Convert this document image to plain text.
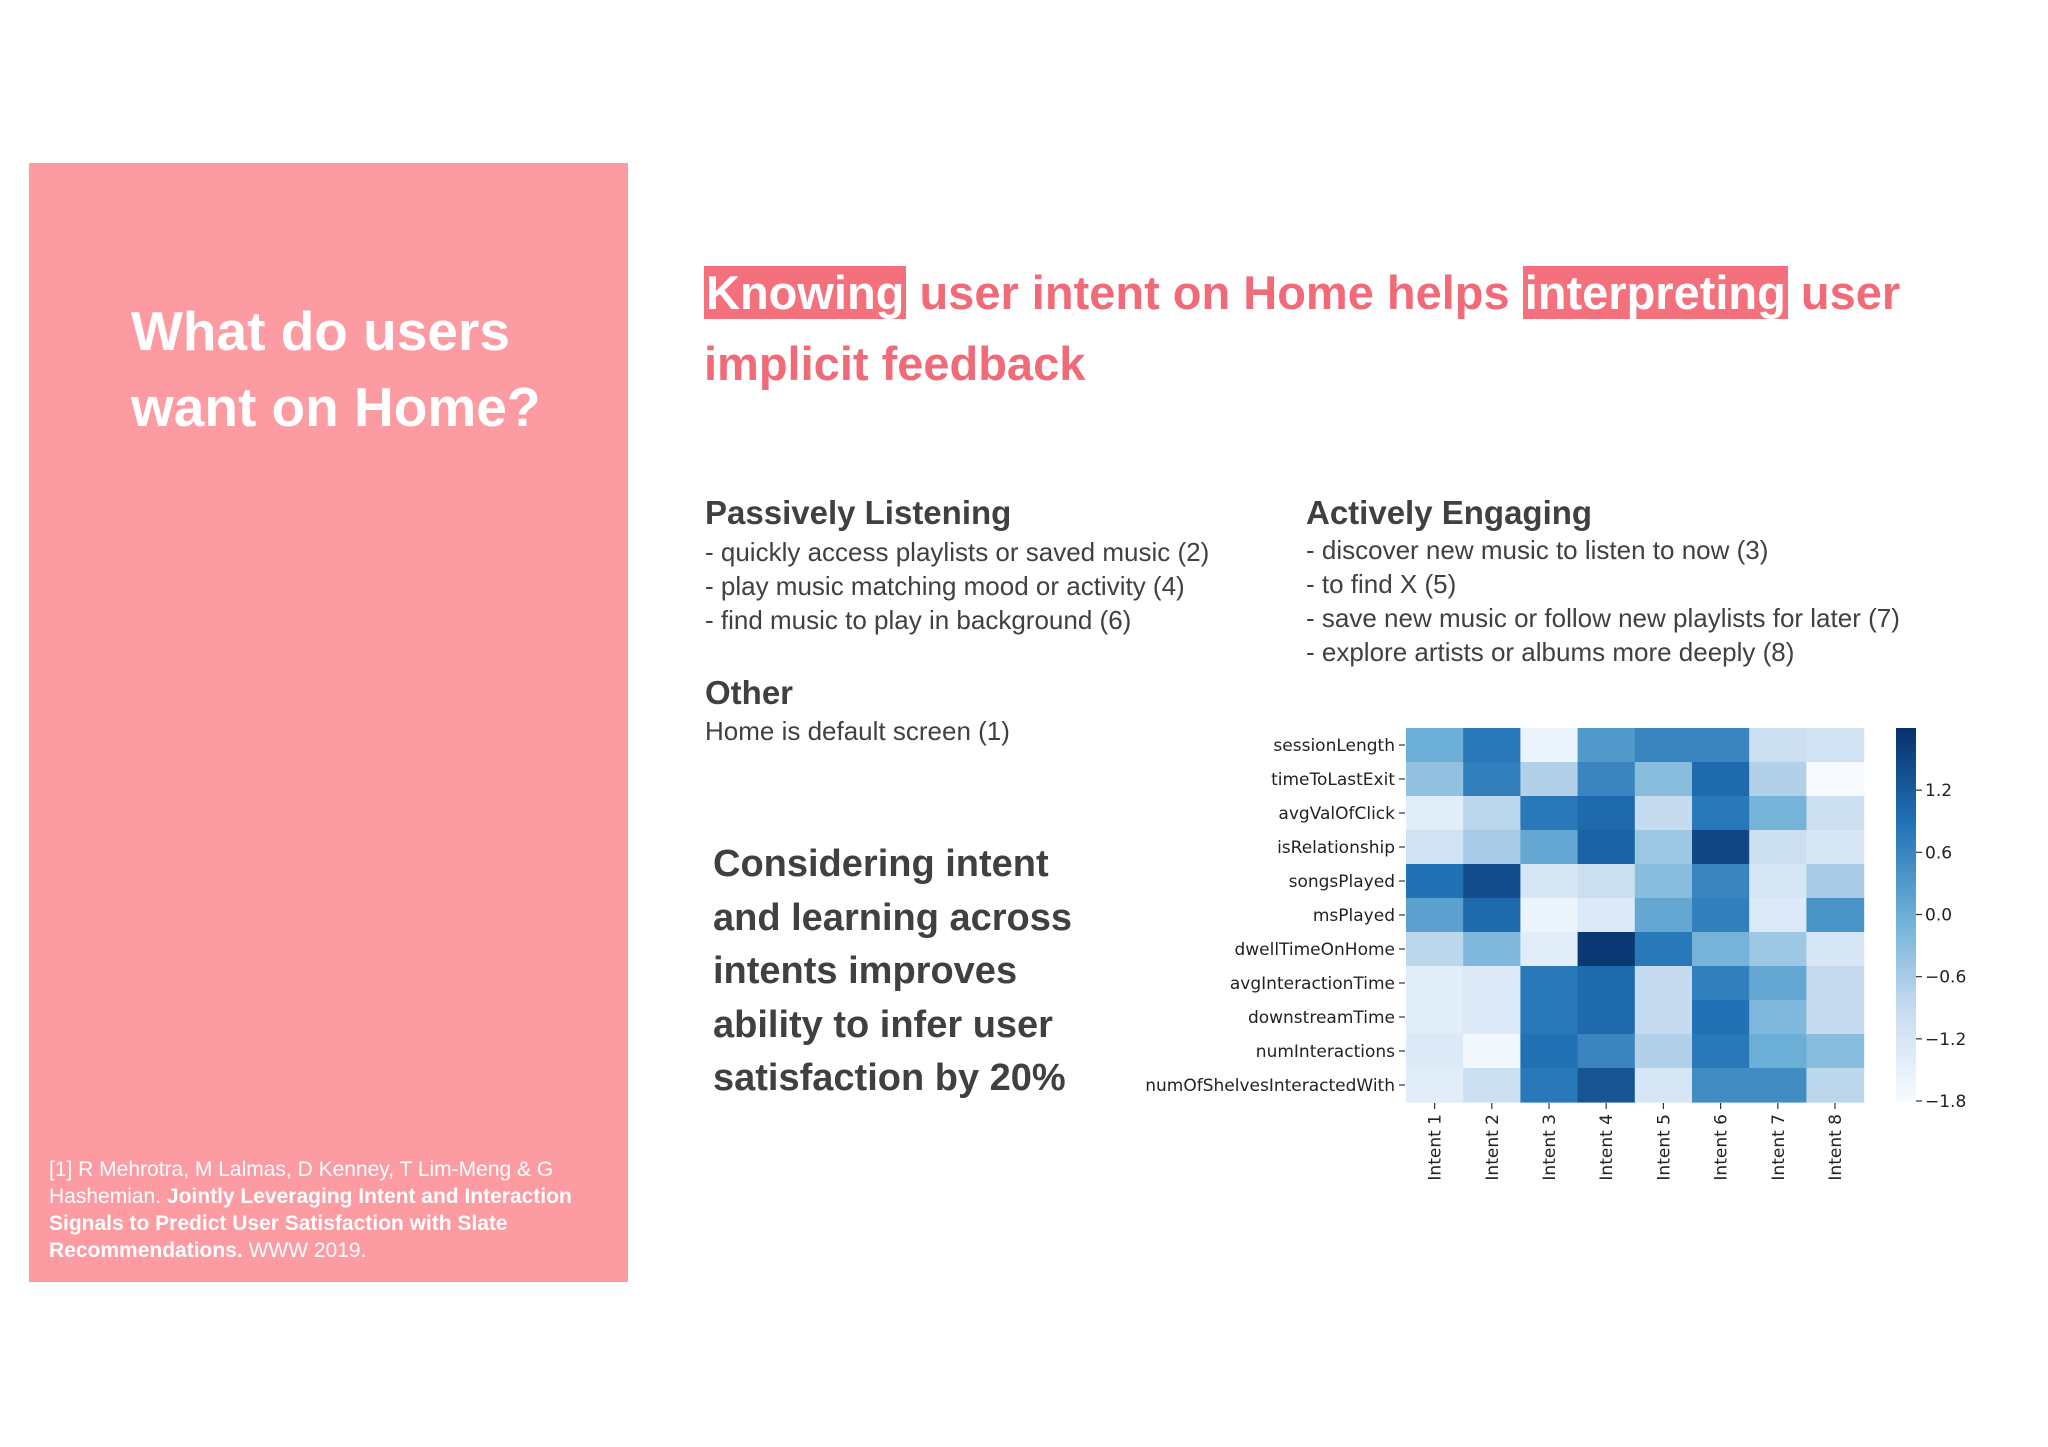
What do users want on Home?
[1] R Mehrotra, M Lalmas, D Kenney, T Lim-Meng & G Hashemian. Jointly Leveraging Intent and Interaction Signals to Predict User Satisfaction with Slate Recommendations. WWW 2019.
Knowing user intent on Home helps interpreting user implicit feedback
Passively Listening
- quickly access playlists or saved music (2)
- play music matching mood or activity (4)
- find music to play in background (6)
Actively Engaging
- discover new music to listen to now (3)
- to find X (5)
- save new music or follow new playlists for later (7)
- explore artists or albums more deeply (8)
Other
Home is default screen (1)
Considering intent
and learning across
intents improves
ability to infer user
satisfaction by 20%
sessionLength
timeToLastExit
avgValOfClick
isRelationship
songsPlayed
msPlayed
dwellTimeOnHome
avgInteractionTime
downstreamTime
numInteractions
numOfShelvesInteractedWith
Intent 1 Intent 2 Intent 3 Intent 4 Intent 5 Intent 6 Intent 7 Intent 8
1.2
0.6
0.0
−0.6
−1.2
−1.8
